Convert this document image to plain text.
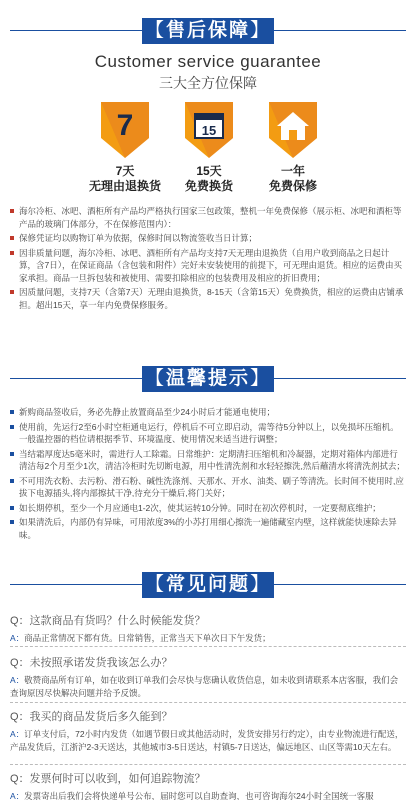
【售后保障】
Customer service guarantee
三大全方位保障
7	15
7天
无理由退换货
15天
免费换货
一年
免费保修
海尔冷柜、冰吧、酒柜所有产品均严格执行国家三包政策，整机一年免费保修（展示柜、冰吧和酒柜等产品的玻璃门体部分，不在保修范围内）：
保修凭证均以购物订单为依据，保修时间以物流签收当日计算；
因非质量问题，海尔冷柜、冰吧、酒柜所有产品均支持7天无理由退换货（自用户收到商品之日起计算，含7日），在保证商品（含包装和附件）完好未安装使用的前提下，可无理由退货。相应的运费由买家承担。商品一旦拆包装和被使用、需要扣除相应的包装费用及相应的折旧费用；
因质量问题，支持7天（含第7天）无理由退换货，8-15天（含第15天）免费换货，相应的运费由店铺承担。超出15天，享一年内免费保修服务。
【温馨提示】
新购商品签收后，务必先静止放置商品至少24小时后才能通电使用；
使用前，先运行2至6小时空柜通电运行，停机后不可立即启动，需等待5分钟以上，以免损坏压缩机。一般温控器的档位请根据季节、环境温度、使用情况来适当进行调整；
当结霜厚度达5毫米时，需进行人工除霜。日常维护：定期清扫压缩机和冷凝器，定期对箱体内部进行清洁每2个月至少1次，清洁冷柜时先切断电源，用中性清洗剂和水轻轻擦洗,然后蘸清水将清洗剂拭去；
不可用洗衣粉、去污粉、滑石粉、碱性洗涤剂、天那水、开水、油类、刷子等清洗。长时间不使用时,应拔下电源插头,将内部擦拭干净,待充分干燥后,将门关好；
如长期停机，至少一个月应通电1-2次，使其运转10分钟。同时在初次停机时，一定要彻底维护；
如果清洗后，内部仍有异味，可用浓度3%的小苏打用细心擦洗一遍储藏室内壁，这样就能快速除去异味。
【常见问题】
Q：这款商品有货吗？什么时候能发货？
A：商品正常情况下都有货。日常销售，正常当天下单次日下午发货；
Q：未按照承诺发货我该怎么办？
A：敬赞商品所有订单，如在收到订单我们会尽快与您确认收货信息，如未收到请联系本店客服，我们会查询原因尽快解决问题并给予反馈。
Q：我买的商品发货后多久能到？
A：订单支付后，72小时内发货（如遇节假日或其他活动时，发货安排另行约定），由专业物流进行配送，产品发货后，江浙沪2-3天送达，其他城市3-5日送达，村镇5-7日送达，偏远地区、山区等需10天左右。
Q：发票何时可以收到，如何追踪物流？
A：发票寄出后我们会将快递单号公布，届时您可以自助查询，也可咨询海尔24小时全国统一客服
